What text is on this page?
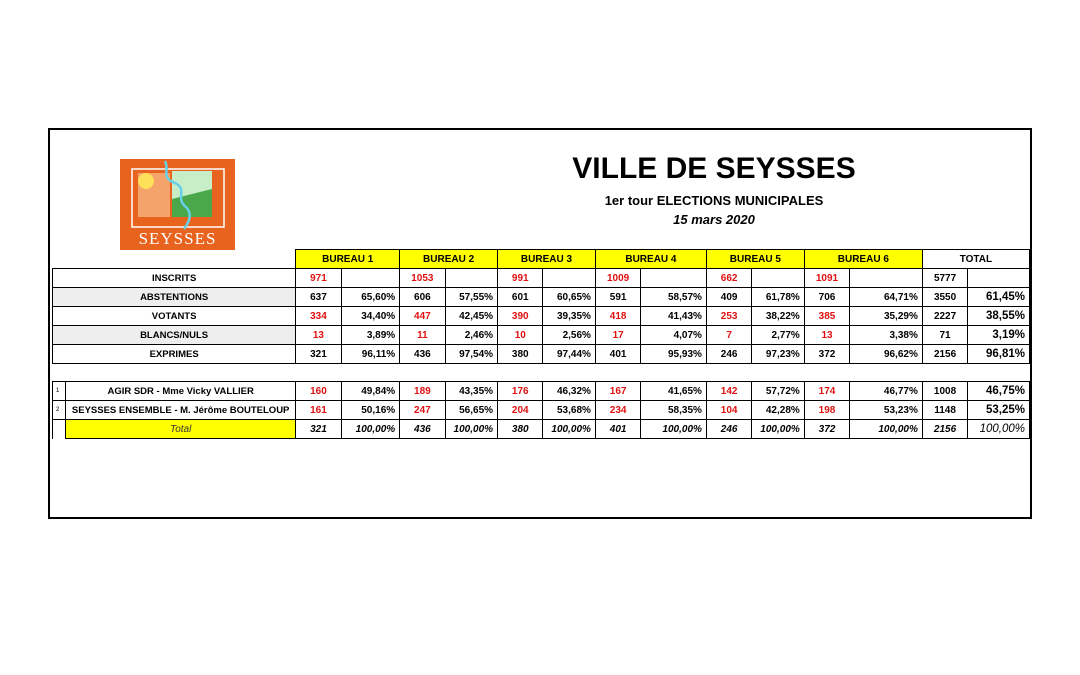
SEYSSES
VILLE DE SEYSSES
1er tour ELECTIONS MUNICIPALES
15 mars 2020
	BUREAU 1		BUREAU 2		BUREAU 3		BUREAU 4		BUREAU 5		BUREAU 6		TOTAL	
INSCRITS	971		1053		991		1009		662		1091		5777	
ABSTENTIONS	637	65,60%	606	57,55%	601	60,65%	591	58,57%	409	61,78%	706	64,71%	3550	61,45%
VOTANTS	334	34,40%	447	42,45%	390	39,35%	418	41,43%	253	38,22%	385	35,29%	2227	38,55%
BLANCS/NULS	13	3,89%	11	2,46%	10	2,56%	17	4,07%	7	2,77%	13	3,38%	71	3,19%
EXPRIMES	321	96,11%	436	97,54%	380	97,44%	401	95,93%	246	97,23%	372	96,62%	2156	96,81%
1	AGIR SDR - Mme Vicky VALLIER	160	49,84%	189	43,35%	176	46,32%	167	41,65%	142	57,72%	174	46,77%	1008	46,75%
2	SEYSSES ENSEMBLE - M. Jérôme BOUTELOUP	161	50,16%	247	56,65%	204	53,68%	234	58,35%	104	42,28%	198	53,23%	1148	53,25%
	Total	321	100,00%	436	100,00%	380	100,00%	401	100,00%	246	100,00%	372	100,00%	2156	100,00%
